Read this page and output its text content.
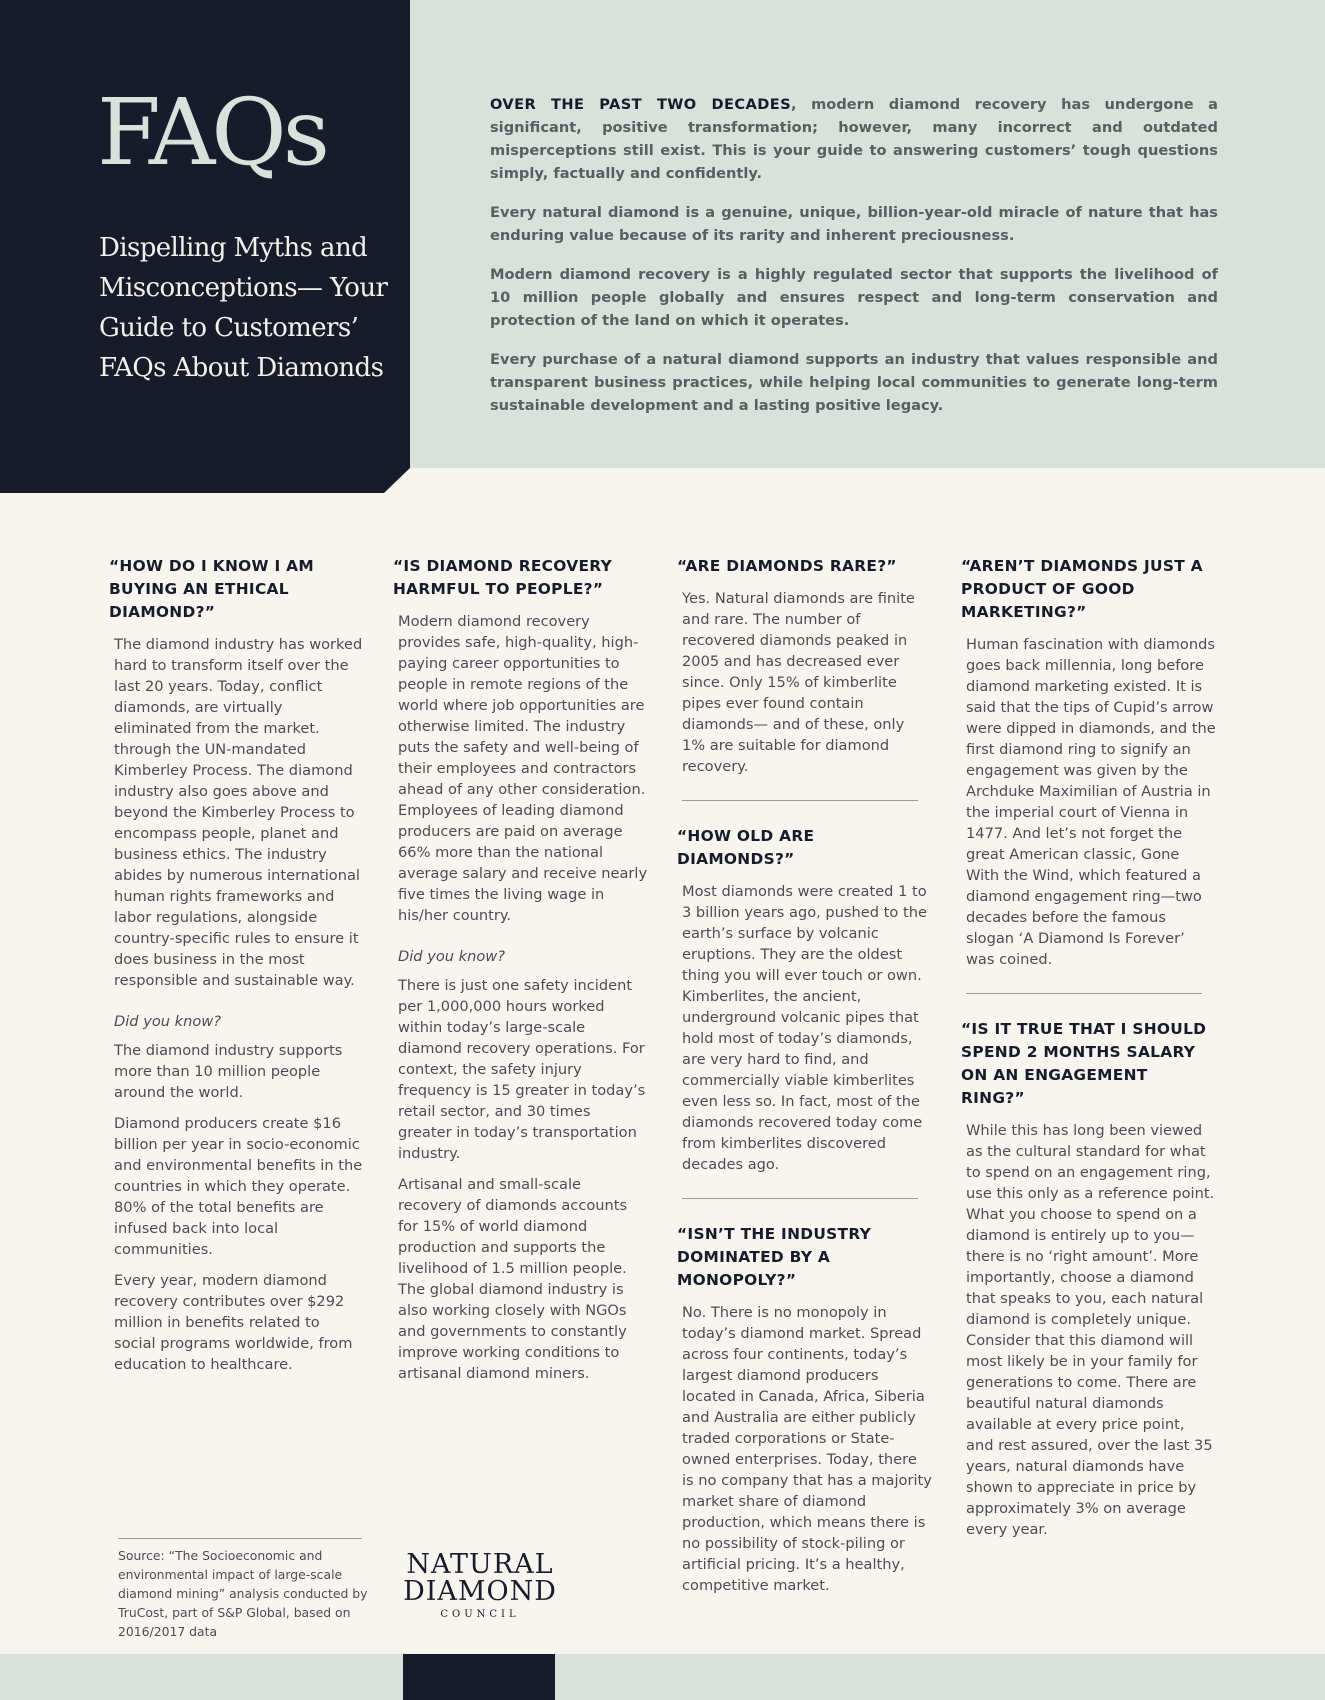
FAQs
Dispelling Myths and Misconceptions— Your Guide to Customers’ FAQs About Diamonds

OVER THE PAST TWO DECADES, modern diamond recovery has undergone a significant, positive transformation; however, many incorrect and outdated misperceptions still exist. This is your guide to answering customers’ tough questions simply, factually and confidently.

Every natural diamond is a genuine, unique, billion-year-old miracle of nature that has enduring value because of its rarity and inherent preciousness.

Modern diamond recovery is a highly regulated sector that supports the livelihood of 10 million people globally and ensures respect and long-term conservation and protection of the land on which it operates.

Every purchase of a natural diamond supports an industry that values responsible and transparent business practices, while helping local communities to generate long-term sustainable development and a lasting positive legacy.

“HOW DO I KNOW I AM BUYING AN ETHICAL DIAMOND?”

The diamond industry has worked hard to transform itself over the last 20 years. Today, conflict diamonds, are virtually eliminated from the market. through the UN-mandated Kimberley Process. The diamond industry also goes above and beyond the Kimberley Process to encompass people, planet and business ethics. The industry abides by numerous international human rights frameworks and labor regulations, alongside country-specific rules to ensure it does business in the most responsible and sustainable way.

Did you know?

The diamond industry supports more than 10 million people around the world.

Diamond producers create $16 billion per year in socio-economic and environmental benefits in the countries in which they operate. 80% of the total benefits are infused back into local communities.

Every year, modern diamond recovery contributes over $292 million in benefits related to social programs worldwide, from education to healthcare.

“IS DIAMOND RECOVERY HARMFUL TO PEOPLE?”

Modern diamond recovery provides safe, high-quality, high-paying career opportunities to people in remote regions of the world where job opportunities are otherwise limited. The industry puts the safety and well-being of their employees and contractors ahead of any other consideration. Employees of leading diamond producers are paid on average 66% more than the national average salary and receive nearly five times the living wage in his/her country.

Did you know?

There is just one safety incident per 1,000,000 hours worked within today’s large-scale diamond recovery operations. For context, the safety injury frequency is 15 greater in today’s retail sector, and 30 times greater in today’s transportation industry.

Artisanal and small-scale recovery of diamonds accounts for 15% of world diamond production and supports the livelihood of 1.5 million people. The global diamond industry is also working closely with NGOs and governments to constantly improve working conditions to artisanal diamond miners.

“ARE DIAMONDS RARE?”

Yes. Natural diamonds are finite and rare. The number of recovered diamonds peaked in 2005 and has decreased ever since. Only 15% of kimberlite pipes ever found contain diamonds— and of these, only 1% are suitable for diamond recovery.

“HOW OLD ARE DIAMONDS?”

Most diamonds were created 1 to 3 billion years ago, pushed to the earth’s surface by volcanic eruptions. They are the oldest thing you will ever touch or own. Kimberlites, the ancient, underground volcanic pipes that hold most of today’s diamonds, are very hard to find, and commercially viable kimberlites even less so. In fact, most of the diamonds recovered today come from kimberlites discovered decades ago.

“ISN’T THE INDUSTRY DOMINATED BY A MONOPOLY?”

No. There is no monopoly in today’s diamond market. Spread across four continents, today’s largest diamond producers located in Canada, Africa, Siberia and Australia are either publicly traded corporations or State-owned enterprises. Today, there is no company that has a majority market share of diamond production, which means there is no possibility of stock-piling or artificial pricing. It’s a healthy, competitive market.

“AREN’T DIAMONDS JUST A PRODUCT OF GOOD MARKETING?”

Human fascination with diamonds goes back millennia, long before diamond marketing existed. It is said that the tips of Cupid’s arrow were dipped in diamonds, and the first diamond ring to signify an engagement was given by the Archduke Maximilian of Austria in the imperial court of Vienna in 1477. And let’s not forget the great American classic, Gone With the Wind, which featured a diamond engagement ring—two decades before the famous slogan ‘A Diamond Is Forever’ was coined.

“IS IT TRUE THAT I SHOULD SPEND 2 MONTHS SALARY ON AN ENGAGEMENT RING?”

While this has long been viewed as the cultural standard for what to spend on an engagement ring, use this only as a reference point. What you choose to spend on a diamond is entirely up to you—there is no ‘right amount’. More importantly, choose a diamond that speaks to you, each natural diamond is completely unique. Consider that this diamond will most likely be in your family for generations to come. There are beautiful natural diamonds available at every price point, and rest assured, over the last 35 years, natural diamonds have shown to appreciate in price by approximately 3% on average every year.

Source: “The Socioeconomic and environmental impact of large-scale diamond mining” analysis conducted by TruCost, part of S&P Global, based on 2016/2017 data

NATURAL
DIAMOND
COUNCIL
